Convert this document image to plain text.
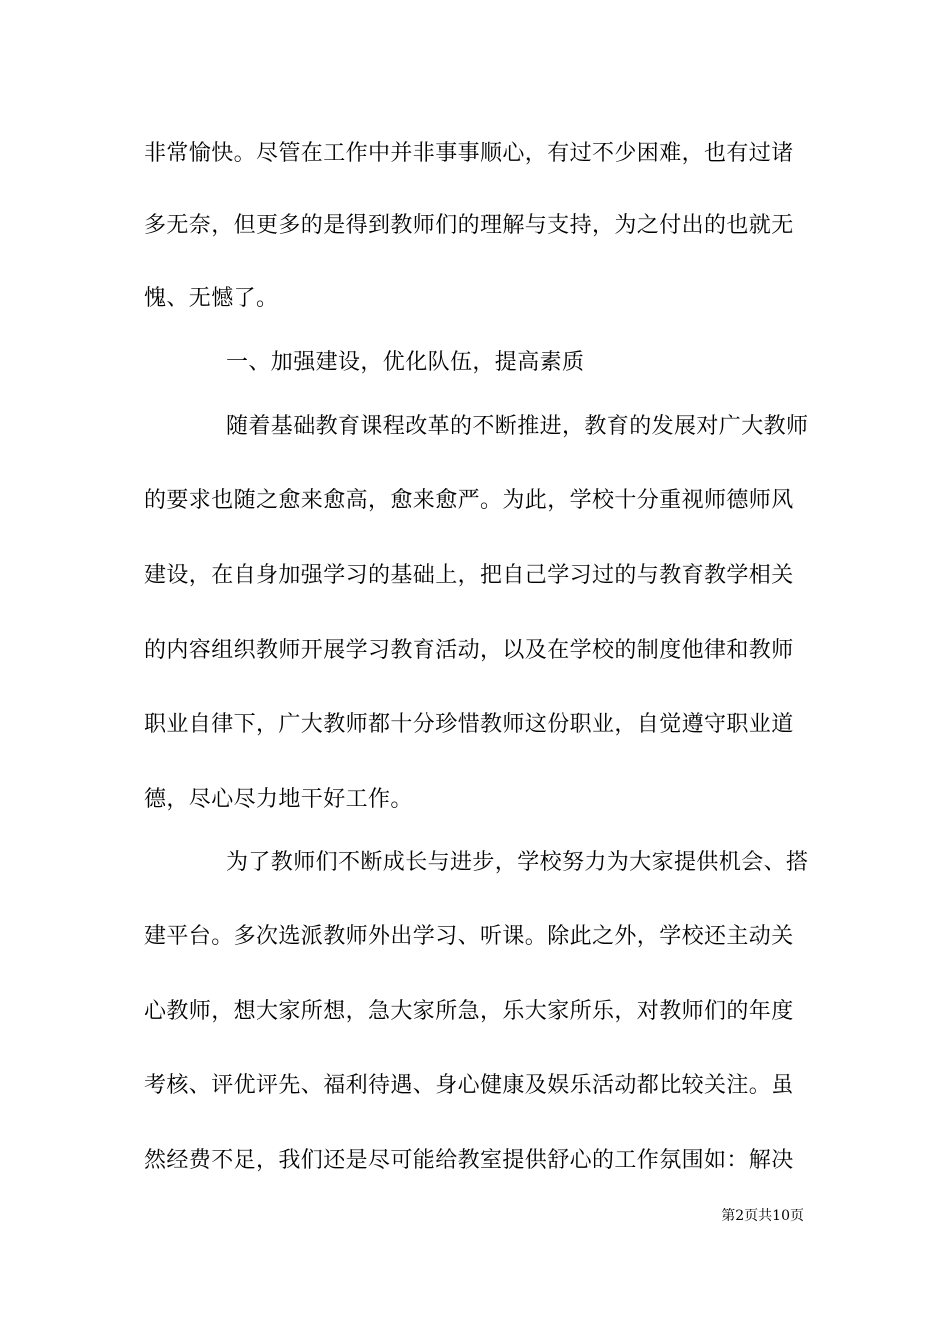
非常愉快。尽管在工作中并非事事顺心，有过不少困难，也有过诸
多无奈，但更多的是得到教师们的理解与支持，为之付出的也就无
愧、无憾了。
一、加强建设，优化队伍，提高素质
随着基础教育课程改革的不断推进，教育的发展对广大教师
的要求也随之愈来愈高，愈来愈严。为此，学校十分重视师德师风
建设，在自身加强学习的基础上，把自己学习过的与教育教学相关
的内容组织教师开展学习教育活动，以及在学校的制度他律和教师
职业自律下，广大教师都十分珍惜教师这份职业，自觉遵守职业道
德，尽心尽力地干好工作。
为了教师们不断成长与进步，学校努力为大家提供机会、搭
建平台。多次选派教师外出学习、听课。除此之外，学校还主动关
心教师，想大家所想，急大家所急，乐大家所乐，对教师们的年度
考核、评优评先、福利待遇、身心健康及娱乐活动都比较关注。虽
然经费不足，我们还是尽可能给教室提供舒心的工作氛围如：解决
第2页共10页
